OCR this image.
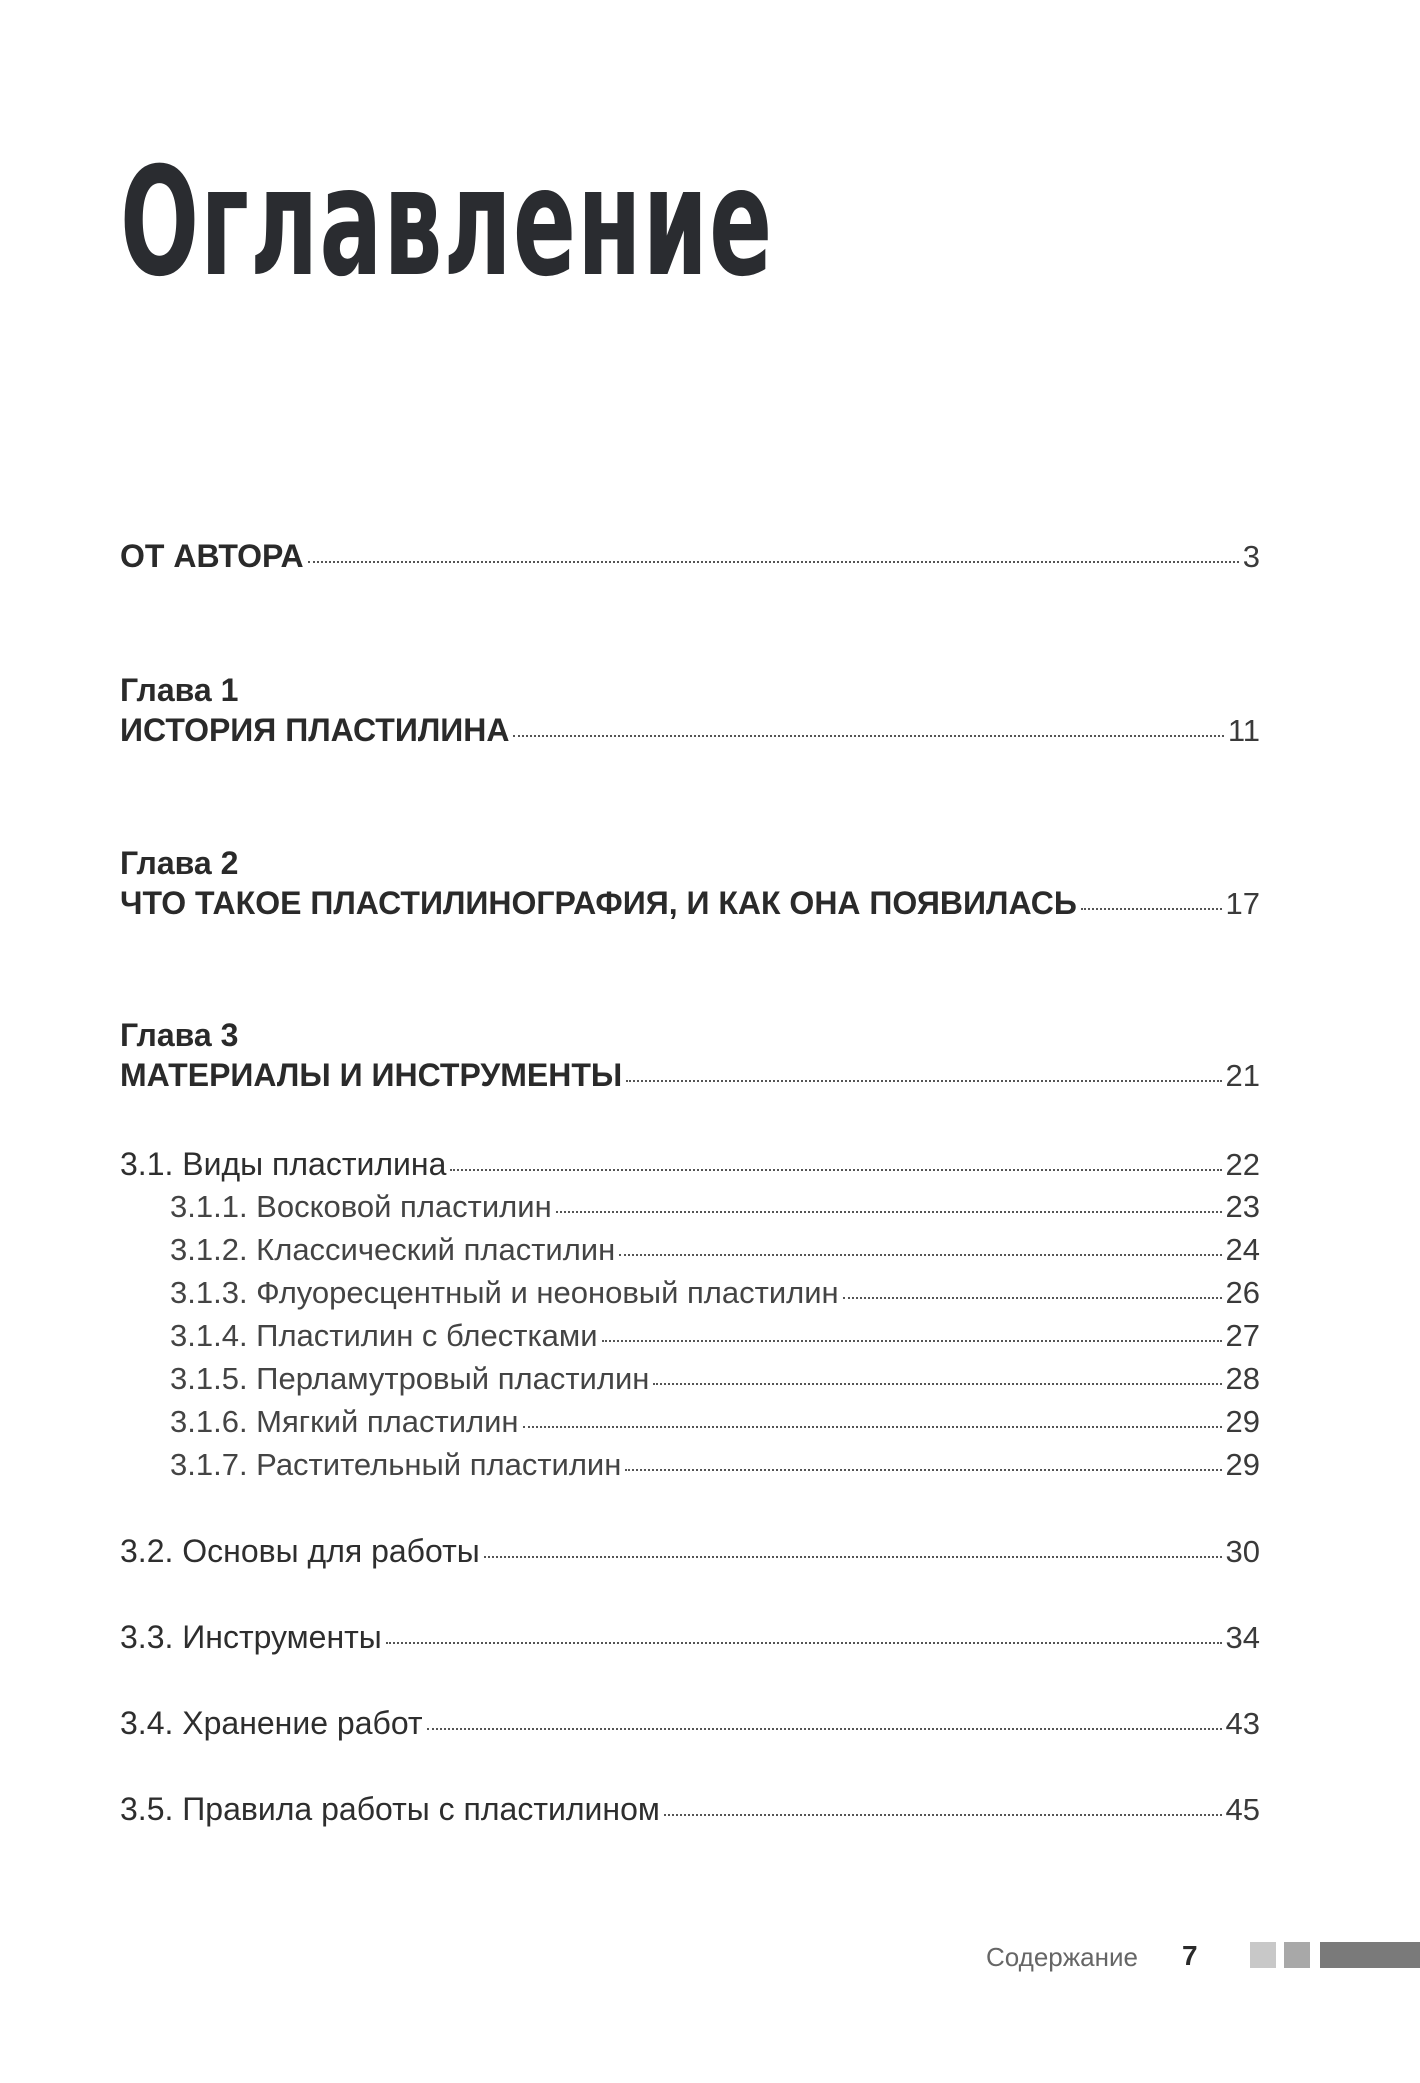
Оглавление
ОТ АВТОРА	3
Глава 1
ИСТОРИЯ ПЛАСТИЛИНА	11
Глава 2
ЧТО ТАКОЕ ПЛАСТИЛИНОГРАФИЯ, И КАК ОНА ПОЯВИЛАСЬ	17
Глава 3
МАТЕРИАЛЫ И ИНСТРУМЕНТЫ	21
3.1. Виды пластилина	22
3.1.1. Восковой пластилин	23
3.1.2. Классический пластилин	24
3.1.3. Флуоресцентный и неоновый пластилин	26
3.1.4. Пластилин с блестками	27
3.1.5. Перламутровый пластилин	28
3.1.6. Мягкий пластилин	29
3.1.7. Растительный пластилин	29
3.2. Основы для работы	30
3.3. Инструменты	34
3.4. Хранение работ	43
3.5. Правила работы с пластилином	45
Содержание 7
